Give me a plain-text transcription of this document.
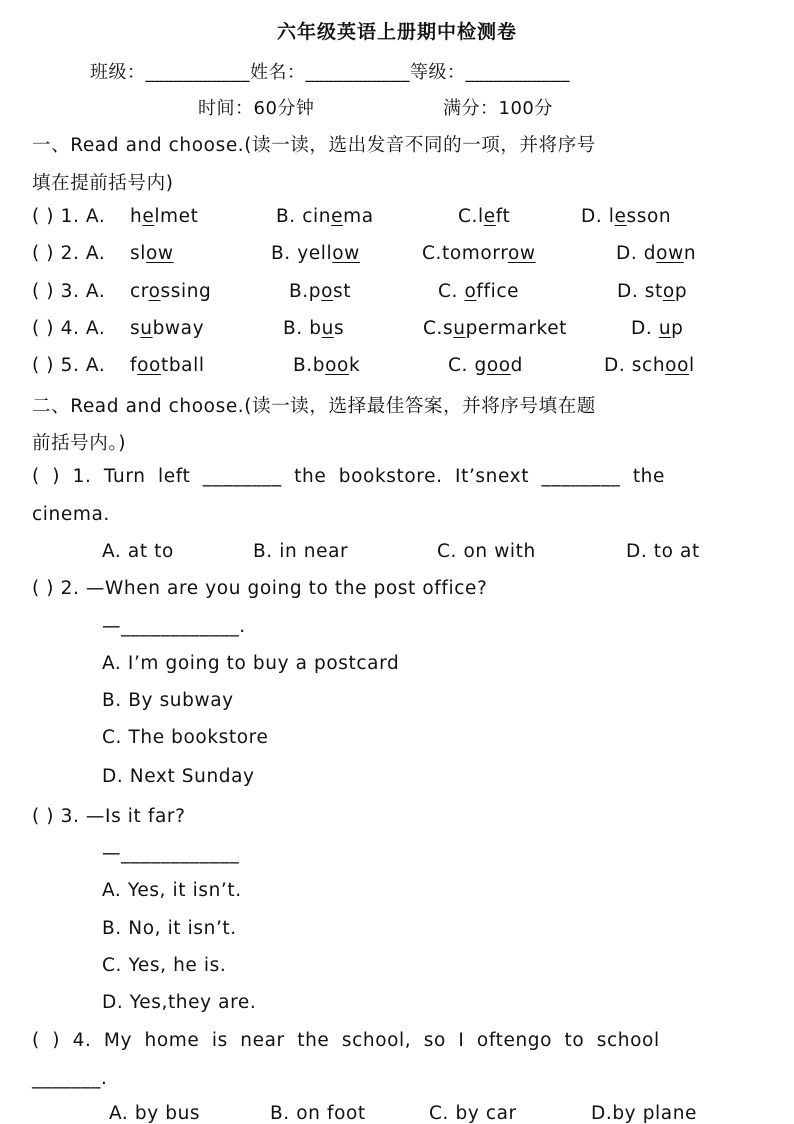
六年级英语上册期中检测卷
班级：___________姓名：___________等级：___________
时间：60分钟	满分：100分
一、Read and choose.(读一读，选出发音不同的一项，并将序号
填在提前括号内)
( ) 1. A. helmet	B. cinema	C.left	D. lesson
( ) 2. A. slow	B. yellow	C.tomorrow	D. down
( ) 3. A. crossing	B.post	C. office	D. stop
( ) 4. A. subway	B. bus	C.supermarket	D. up
( ) 5. A. football	B.book	C. good	D. school
二、Read and choose.(读一读，选择最佳答案，并将序号填在题
前括号内。)
( ) 1. Turn left ________ the bookstore. It’snext ________ the
cinema.
A. at to	B. in near	C. on with	D. to at
( ) 2. —When are you going to the post office?
—____________.
A. I’m going to buy a postcard
B. By subway
C. The bookstore
D. Next Sunday
( ) 3. —Is it far?
—____________
A. Yes, it isn’t.
B. No, it isn’t.
C. Yes, he is.
D. Yes,they are.
( ) 4. My home is near the school, so I oftengo to school
_______.
A. by bus	B. on foot	C. by car	D.by plane
